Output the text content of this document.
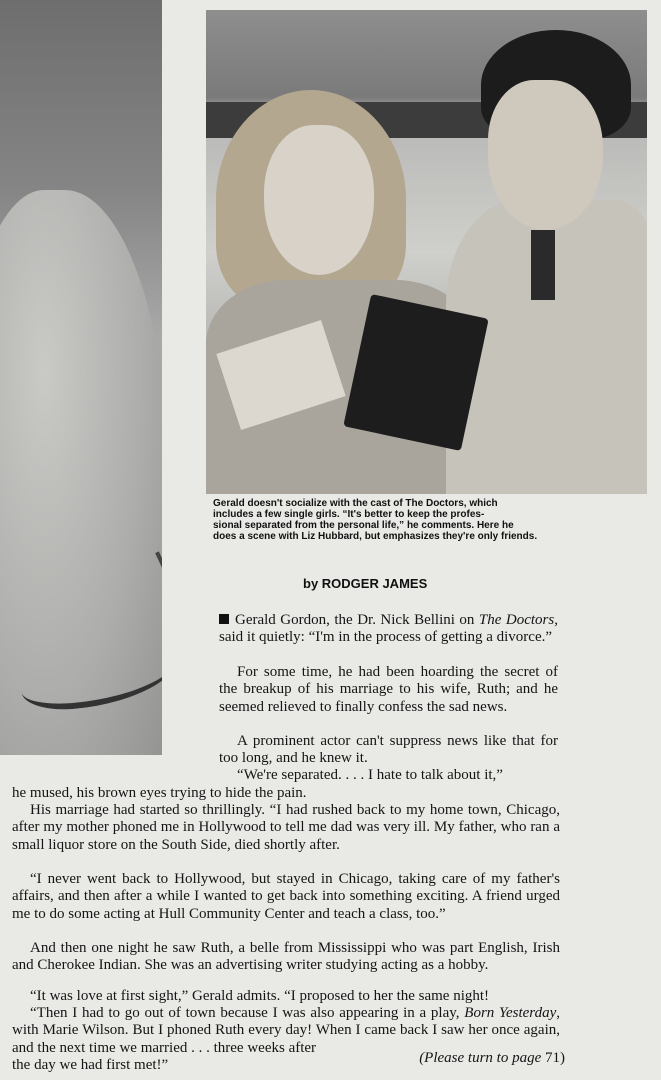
Gerald doesn't socialize with the cast of The Doctors, which
includes a few single girls. “It's better to keep the profes-
sional separated from the personal life,” he comments. Here he
does a scene with Liz Hubbard, but emphasizes they're only friends.
by RODGER JAMES

Gerald Gordon, the Dr. Nick Bellini on The Doctors, said it quietly: “I'm in the process of getting a divorce.”

For some time, he had been hoarding the secret of the breakup of his marriage to his wife, Ruth; and he seemed relieved to finally confess the sad news.

A prominent actor can't suppress news like that for too long, and he knew it.

“We're separated. . . . I hate to talk about it,”

he mused, his brown eyes trying to hide the pain.

His marriage had started so thrillingly. “I had rushed back to my home town, Chicago, after my mother phoned me in Hollywood to tell me dad was very ill. My father, who ran a small liquor store on the South Side, died shortly after.

“I never went back to Hollywood, but stayed in Chicago, taking care of my father's affairs, and then after a while I wanted to get back into something exciting. A friend urged me to do some acting at Hull Community Center and teach a class, too.”

And then one night he saw Ruth, a belle from Mississippi who was part English, Irish and Cherokee Indian. She was an advertising writer studying acting as a hobby.

“It was love at first sight,” Gerald admits. “I proposed to her the same night!

“Then I had to go out of town because I was also appearing in a play, Born Yesterday, with Marie Wilson. But I phoned Ruth every day! When I came back I saw her once again, and the next time we married . . . three weeks after

the day we had first met!”	(Please turn to page 71)
